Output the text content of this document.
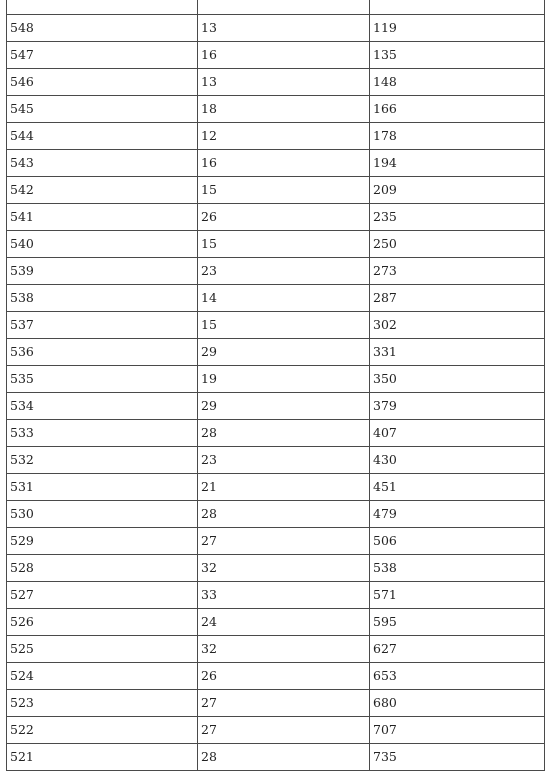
548	13	119
547	16	135
546	13	148
545	18	166
544	12	178
543	16	194
542	15	209
541	26	235
540	15	250
539	23	273
538	14	287
537	15	302
536	29	331
535	19	350
534	29	379
533	28	407
532	23	430
531	21	451
530	28	479
529	27	506
528	32	538
527	33	571
526	24	595
525	32	627
524	26	653
523	27	680
522	27	707
521	28	735
